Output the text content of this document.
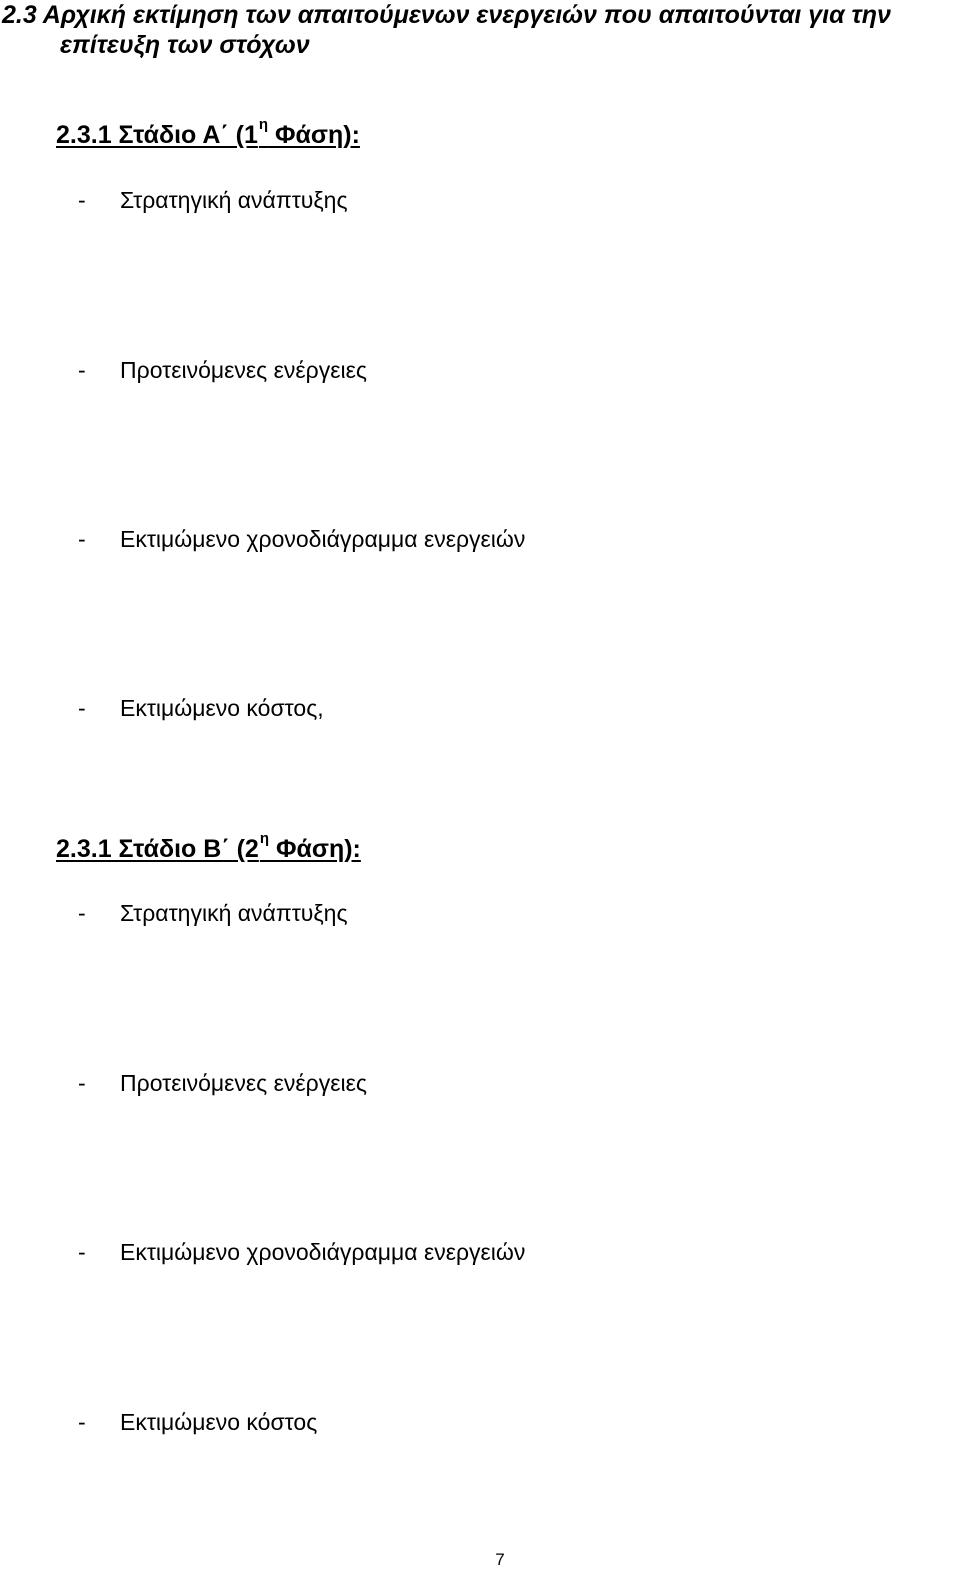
2.3 Αρχική εκτίμηση των απαιτούμενων ενεργειών που απαιτούνται για την
επίτευξη των στόχων
2.3.1 Στάδιο Α΄ ($1^\eta$ Φάση):
- Στρατηγική ανάπτυξης
- Προτεινόμενες ενέργειες
- Εκτιμώμενο χρονοδιάγραμμα ενεργειών
- Εκτιμώμενο κόστος,
2.3.1 Στάδιο Β΄ ($2^\eta$ Φάση):
- Στρατηγική ανάπτυξης
- Προτεινόμενες ενέργειες
- Εκτιμώμενο χρονοδιάγραμμα ενεργειών
- Εκτιμώμενο κόστος
7
